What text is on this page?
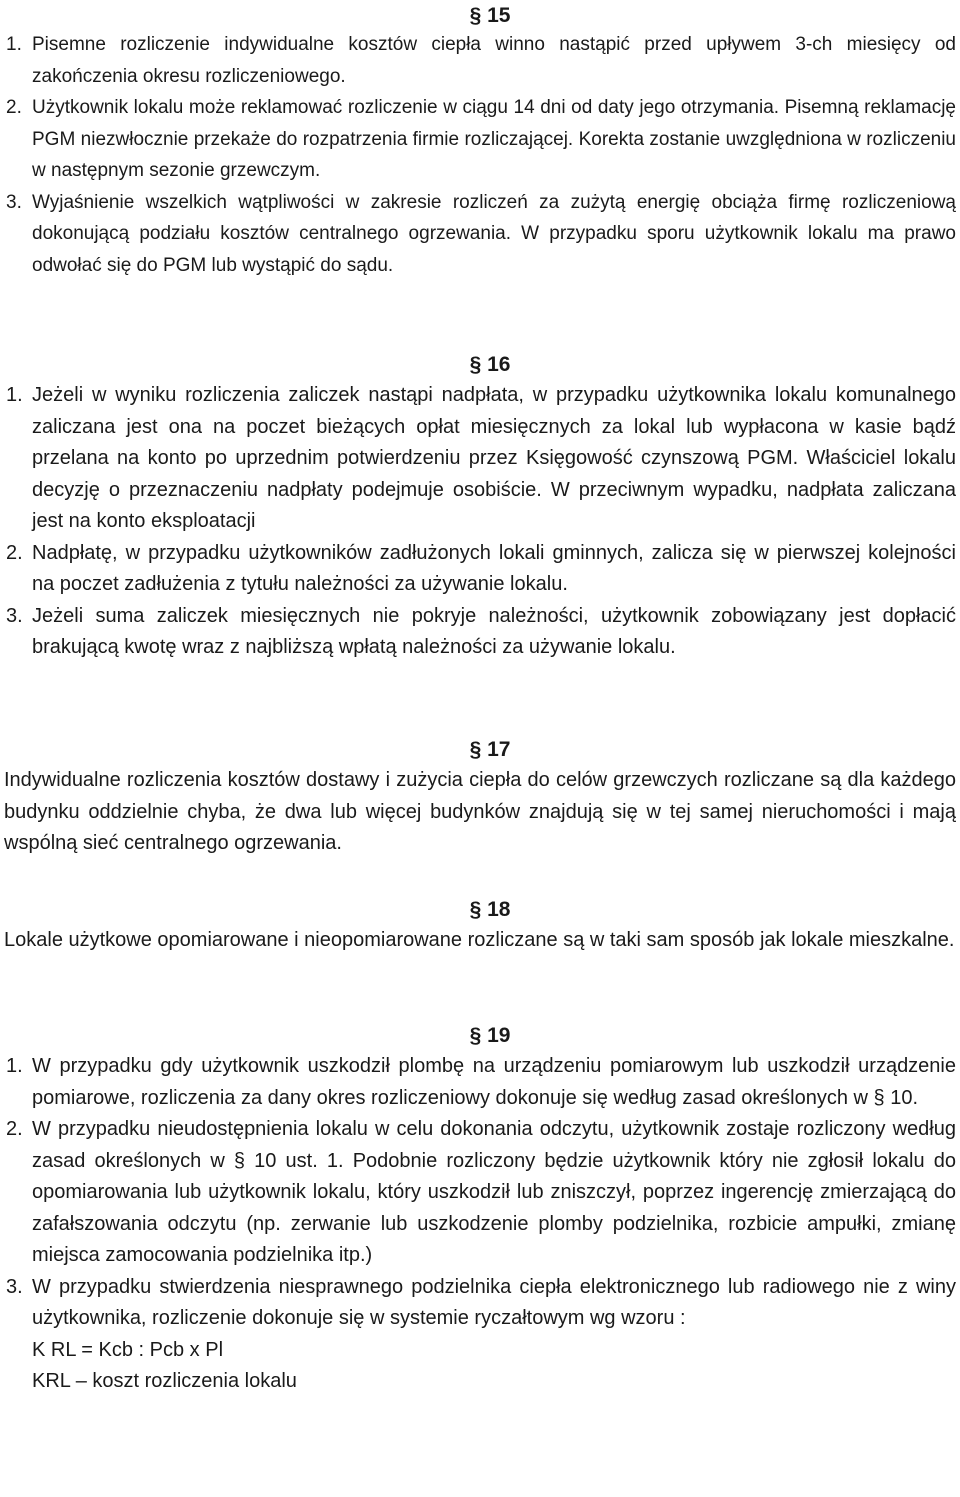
§ 15
1. Pisemne rozliczenie indywidualne kosztów ciepła winno nastąpić przed upływem 3-ch miesięcy od zakończenia okresu rozliczeniowego.
2. Użytkownik lokalu może reklamować rozliczenie w ciągu 14 dni od daty jego otrzymania. Pisemną reklamację PGM niezwłocznie przekaże do rozpatrzenia firmie rozliczającej. Korekta zostanie uwzględniona w rozliczeniu w następnym sezonie grzewczym.
3. Wyjaśnienie wszelkich wątpliwości w zakresie rozliczeń za zużytą energię obciąża firmę rozliczeniową dokonującą podziału kosztów centralnego ogrzewania. W przypadku sporu użytkownik lokalu ma prawo odwołać się do PGM lub wystąpić do sądu.
§ 16
1. Jeżeli w wyniku rozliczenia zaliczek nastąpi nadpłata, w przypadku użytkownika lokalu komunalnego zaliczana jest ona na poczet bieżących opłat miesięcznych za lokal lub wypłacona w kasie bądź przelana na konto po uprzednim potwierdzeniu przez Księgowość czynszową PGM. Właściciel lokalu decyzję o przeznaczeniu nadpłaty podejmuje osobiście. W przeciwnym wypadku, nadpłata zaliczana jest na konto eksploatacji
2. Nadpłatę, w przypadku użytkowników zadłużonych lokali gminnych, zalicza się w pierwszej kolejności na poczet zadłużenia z tytułu należności za używanie lokalu.
3. Jeżeli suma zaliczek miesięcznych nie pokryje należności, użytkownik zobowiązany jest dopłacić brakującą kwotę wraz z najbliższą wpłatą należności za używanie lokalu.
§ 17
Indywidualne rozliczenia kosztów dostawy i zużycia ciepła do celów grzewczych rozliczane są dla każdego budynku oddzielnie chyba, że dwa lub więcej budynków znajdują się w tej samej nieruchomości i mają wspólną sieć centralnego ogrzewania.
§ 18
Lokale użytkowe opomiarowane i nieopomiarowane rozliczane są w taki sam sposób jak lokale mieszkalne.
§ 19
1. W przypadku gdy użytkownik uszkodził plombę na urządzeniu pomiarowym lub uszkodził urządzenie pomiarowe, rozliczenia za dany okres rozliczeniowy dokonuje się według zasad określonych w § 10.
2. W przypadku nieudostępnienia lokalu w celu dokonania odczytu, użytkownik zostaje rozliczony według zasad określonych w § 10 ust. 1. Podobnie rozliczony będzie użytkownik który nie zgłosił lokalu do opomiarowania lub użytkownik lokalu, który uszkodził lub zniszczył, poprzez ingerencję zmierzającą do zafałszowania odczytu (np. zerwanie lub uszkodzenie plomby podzielnika, rozbicie ampułki, zmianę miejsca zamocowania podzielnika itp.)
3. W przypadku stwierdzenia niesprawnego podzielnika ciepła elektronicznego lub radiowego nie z winy użytkownika, rozliczenie dokonuje się w systemie ryczałtowym wg wzoru :
K RL = Kcb : Pcb x Pl
KRL – koszt rozliczenia lokalu
